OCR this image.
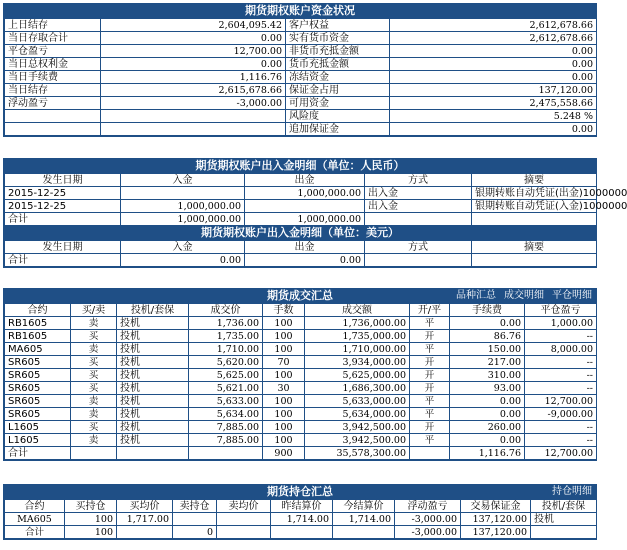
期货期权账户资金状况
上日结存	2,604,095.42	客户权益	2,612,678.66
当日存取合计	0.00	实有货币资金	2,612,678.66
平仓盈亏	12,700.00	非货币充抵金额	0.00
当日总权利金	0.00	货币充抵金额	0.00
当日手续费	1,116.76	冻结资金	0.00
当日结存	2,615,678.66	保证金占用	137,120.00
浮动盈亏	-3,000.00	可用资金	2,475,558.66
		风险度	5.248 %
		追加保证金	0.00
期货期权账户出入金明细（单位：人民币）
发生日期	入金	出金	方式	摘要
2015-12-25		1,000,000.00	出入金	银期转账自动凭证(出金)1000000
2015-12-25	1,000,000.00		出入金	银期转账自动凭证(入金)1000000
合计	1,000,000.00	1,000,000.00		
期货期权账户出入金明细（单位：美元）
发生日期	入金	出金	方式	摘要
合计	0.00	0.00		
期货成交汇总	品种汇总 成交明细 平仓明细
合约	买/卖	投机/套保	成交价	手数	成交额	开/平	手续费	平仓盈亏
RB1605	卖	投机	1,736.00	100	1,736,000.00	平	0.00	1,000.00
RB1605	买	投机	1,735.00	100	1,735,000.00	开	86.76	--
MA605	卖	投机	1,710.00	100	1,710,000.00	平	150.00	8,000.00
SR605	买	投机	5,620.00	70	3,934,000.00	开	217.00	--
SR605	买	投机	5,625.00	100	5,625,000.00	开	310.00	--
SR605	买	投机	5,621.00	30	1,686,300.00	开	93.00	--
SR605	卖	投机	5,633.00	100	5,633,000.00	平	0.00	12,700.00
SR605	卖	投机	5,634.00	100	5,634,000.00	平	0.00	-9,000.00
L1605	买	投机	7,885.00	100	3,942,500.00	开	260.00	--
L1605	卖	投机	7,885.00	100	3,942,500.00	平	0.00	--
合计				900	35,578,300.00		1,116.76	12,700.00
期货持仓汇总	持仓明细
合约	买持仓	买均价	卖持仓	卖均价	昨结算价	今结算价	浮动盈亏	交易保证金	投机/套保
MA605	100	1,717.00			1,714.00	1,714.00	-3,000.00	137,120.00	投机
合计	100		0				-3,000.00	137,120.00	
